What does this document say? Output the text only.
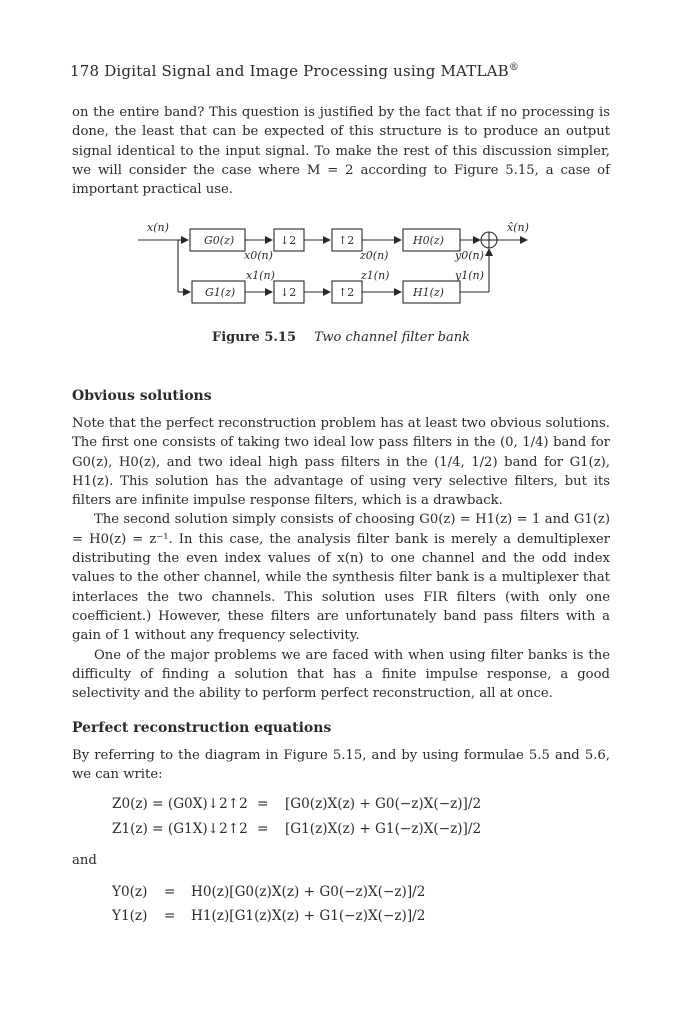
178 Digital Signal and Image Processing using MATLAB®

on the entire band? This question is justified by the fact that if no processing is done, the least that can be expected of this structure is to produce an output signal identical to the input signal. To make the rest of this discussion simpler, we will consider the case where M = 2 according to Figure 5.15, a case of important practical use.

x(n)	x̂(n)
G0(z)
G1(z)
H0(z)
H1(z)
↓2	↑2
↓2	↑2
x0(n)	z0(n)	y0(n)
x1(n)	z1(n)	y1(n)
Figure 5.15 Two channel filter bank
Obvious solutions

Note that the perfect reconstruction problem has at least two obvious solutions. The first one consists of taking two ideal low pass filters in the (0, 1/4) band for G0(z), H0(z), and two ideal high pass filters in the (1/4, 1/2) band for G1(z), H1(z). This solution has the advantage of using very selective filters, but its filters are infinite impulse response filters, which is a drawback.

The second solution simply consists of choosing G0(z) = H1(z) = 1 and G1(z) = H0(z) = z⁻¹. In this case, the analysis filter bank is merely a demultiplexer distributing the even index values of x(n) to one channel and the odd index values to the other channel, while the synthesis filter bank is a multiplexer that interlaces the two channels. This solution uses FIR filters (with only one coefficient.) However, these filters are unfortunately band pass filters with a gain of 1 without any frequency selectivity.

One of the major problems we are faced with when using filter banks is the difficulty of finding a solution that has a finite impulse response, a good selectivity and the ability to perform perfect reconstruction, all at once.

Perfect reconstruction equations

By referring to the diagram in Figure 5.15, and by using formulae 5.5 and 5.6, we can write:

Z0(z) = (G0X)↓2↑2 = [G0(z)X(z) + G0(−z)X(−z)]/2
Z1(z) = (G1X)↓2↑2 = [G1(z)X(z) + G1(−z)X(−z)]/2
and
Y0(z) = H0(z)[G0(z)X(z) + G0(−z)X(−z)]/2
Y1(z) = H1(z)[G1(z)X(z) + G1(−z)X(−z)]/2
